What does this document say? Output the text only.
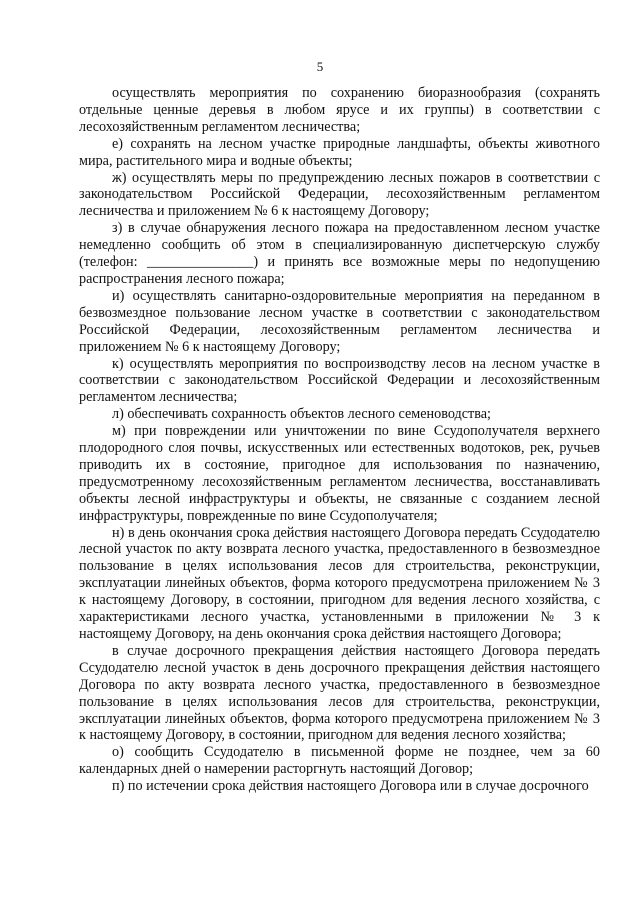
5

осуществлять мероприятия по сохранению биоразнообразия (сохранять отдельные ценные деревья в любом ярусе и их группы) в соответствии с лесохозяйственным регламентом лесничества;

е) сохранять на лесном участке природные ландшафты, объекты животного мира, растительного мира и водные объекты;

ж) осуществлять меры по предупреждению лесных пожаров в соответствии с законодательством Российской Федерации, лесохозяйственным регламентом лесничества и приложением № 6 к настоящему Договору;

з) в случае обнаружения лесного пожара на предоставленном лесном участке немедленно сообщить об этом в специализированную диспетчерскую службу (телефон: _______________) и принять все возможные меры по недопущению распространения лесного пожара;

и) осуществлять санитарно-оздоровительные мероприятия на переданном в безвозмездное пользование лесном участке в соответствии с законодательством Российской Федерации, лесохозяйственным регламентом лесничества и приложением № 6 к настоящему Договору;

к) осуществлять мероприятия по воспроизводству лесов на лесном участке в соответствии с законодательством Российской Федерации и лесохозяйственным регламентом лесничества;

л) обеспечивать сохранность объектов лесного семеноводства;

м) при повреждении или уничтожении по вине Ссудополучателя верхнего плодородного слоя почвы, искусственных или естественных водотоков, рек, ручьев приводить их в состояние, пригодное для использования по назначению, предусмотренному лесохозяйственным регламентом лесничества, восстанавливать объекты лесной инфраструктуры и объекты, не связанные с созданием лесной инфраструктуры, поврежденные по вине Ссудополучателя;

н) в день окончания срока действия настоящего Договора передать Ссудодателю лесной участок по акту возврата лесного участка, предоставленного в безвозмездное пользование в целях использования лесов для строительства, реконструкции, эксплуатации линейных объектов, форма которого предусмотрена приложением № 3 к настоящему Договору, в состоянии, пригодном для ведения лесного хозяйства, с характеристиками лесного участка, установленными в приложении № 3 к настоящему Договору, на день окончания срока действия настоящего Договора;

в случае досрочного прекращения действия настоящего Договора передать Ссудодателю лесной участок в день досрочного прекращения действия настоящего Договора по акту возврата лесного участка, предоставленного в безвозмездное пользование в целях использования лесов для строительства, реконструкции, эксплуатации линейных объектов, форма которого предусмотрена приложением № 3 к настоящему Договору, в состоянии, пригодном для ведения лесного хозяйства;

о) сообщить Ссудодателю в письменной форме не позднее, чем за 60 календарных дней о намерении расторгнуть настоящий Договор;

п) по истечении срока действия настоящего Договора или в случае досрочного
